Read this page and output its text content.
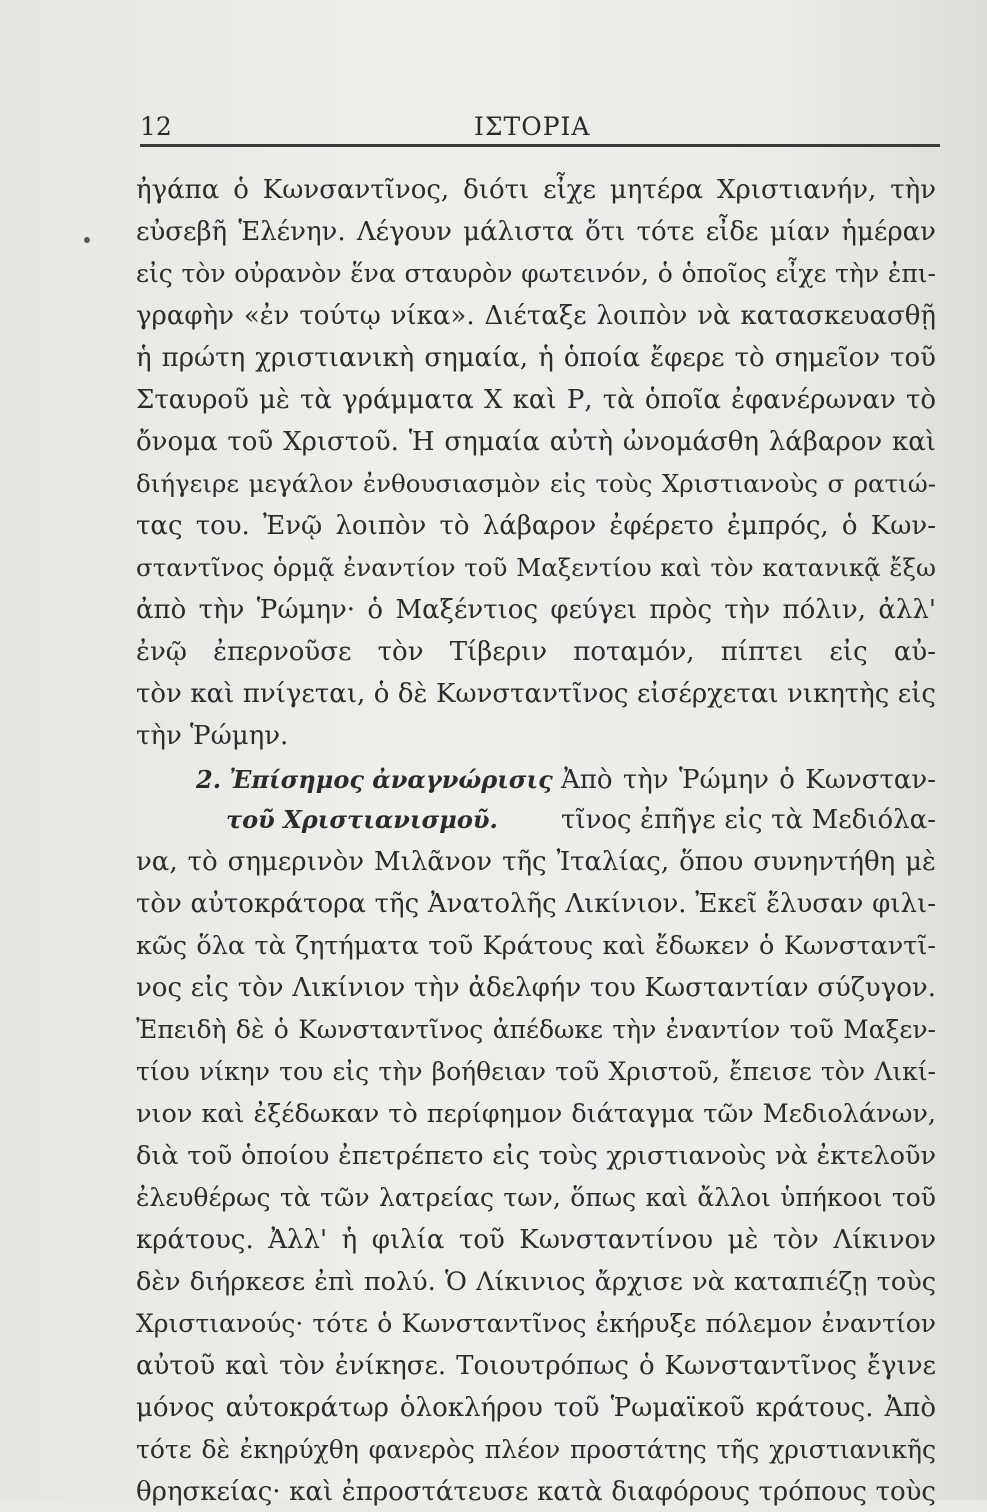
12	ΙΣΤΟΡΙΑ
ἠγάπα ὁ Κωνσαντῖνος, διότι εἶχε μητέρα Χριστιανήν, τὴν
εὐσεβῆ Ἑλένην. Λέγουν μάλιστα ὅτι τότε εἶδε μίαν ἡμέραν
εἰς τὸν οὐρανὸν ἕνα σταυρὸν φωτεινόν, ὁ ὁποῖος εἶχε τὴν ἐπι-
γραφὴν «ἐν τούτῳ νίκα». Διέταξε λοιπὸν νὰ κατασκευασθῇ
ἡ πρώτη χριστιανικὴ σημαία, ἡ ὁποία ἔφερε τὸ σημεῖον τοῦ
Σταυροῦ μὲ τὰ γράμματα Χ καὶ Ρ, τὰ ὁποῖα ἐφανέρωναν τὸ
ὄνομα τοῦ Χριστοῦ. Ἡ σημαία αὐτὴ ὠνομάσθη λάβαρον καὶ
διήγειρε μεγάλον ἐνθουσιασμὸν εἰς τοὺς Χριστιανοὺς σ ρατιώ-
τας του. Ἐνῷ λοιπὸν τὸ λάβαρον ἐφέρετο ἐμπρός, ὁ Κων-
σταντῖνος ὁρμᾷ ἐναντίον τοῦ Μαξεντίου καὶ τὸν κατανικᾷ ἔξω
ἀπὸ τὴν Ῥώμην· ὁ Μαξέντιος φεύγει πρὸς τὴν πόλιν, ἀλλ'
ἐνῷ ἐπερνοῦσε τὸν Τίβεριν ποταμόν, πίπτει εἰς αὐ-
τὸν καὶ πνίγεται, ὁ δὲ Κωνσταντῖνος εἰσέρχεται νικητὴς εἰς
τὴν Ῥώμην.
2. Ἐπίσημος ἀναγνώρισις
τοῦ Χριστιανισμοῦ.
Ἀπὸ τὴν Ῥώμην ὁ Κωνσταν-
τῖνος ἐπῆγε εἰς τὰ Μεδιόλα-
να, τὸ σημερινὸν Μιλᾶνον τῆς Ἰταλίας, ὅπου συνηντήθη μὲ
τὸν αὐτοκράτορα τῆς Ἀνατολῆς Λικίνιον. Ἐκεῖ ἔλυσαν φιλι-
κῶς ὅλα τὰ ζητήματα τοῦ Κράτους καὶ ἔδωκεν ὁ Κωνσταντῖ-
νος εἰς τὸν Λικίνιον τὴν ἀδελφήν του Κωσταντίαν σύζυγον.
Ἐπειδὴ δὲ ὁ Κωνσταντῖνος ἀπέδωκε τὴν ἐναντίον τοῦ Μαξεν-
τίου νίκην του εἰς τὴν βοήθειαν τοῦ Χριστοῦ, ἔπεισε τὸν Λικί-
νιον καὶ ἐξέδωκαν τὸ περίφημον διάταγμα τῶν Μεδιολάνων,
διὰ τοῦ ὁποίου ἐπετρέπετο εἰς τοὺς χριστιανοὺς νὰ ἐκτελοῦν
ἐλευθέρως τὰ τῶν λατρείας των, ὅπως καὶ ἄλλοι ὑπήκοοι τοῦ
κράτους. Ἀλλ' ἡ φιλία τοῦ Κωνσταντίνου μὲ τὸν Λίκινον
δὲν διήρκεσε ἐπὶ πολύ. Ὁ Λίκινιος ἄρχισε νὰ καταπιέζῃ τοὺς
Χριστιανούς· τότε ὁ Κωνσταντῖνος ἐκήρυξε πόλεμον ἐναντίον
αὐτοῦ καὶ τὸν ἐνίκησε. Τοιουτρόπως ὁ Κωνσταντῖνος ἔγινε
μόνος αὐτοκράτωρ ὁλοκλήρου τοῦ Ῥωμαϊκοῦ κράτους. Ἀπὸ
τότε δὲ ἐκηρύχθη φανερὸς πλέον προστάτης τῆς χριστιανικῆς
θρησκείας· καὶ ἐπροστάτευσε κατὰ διαφόρους τρόπους τοὺς
